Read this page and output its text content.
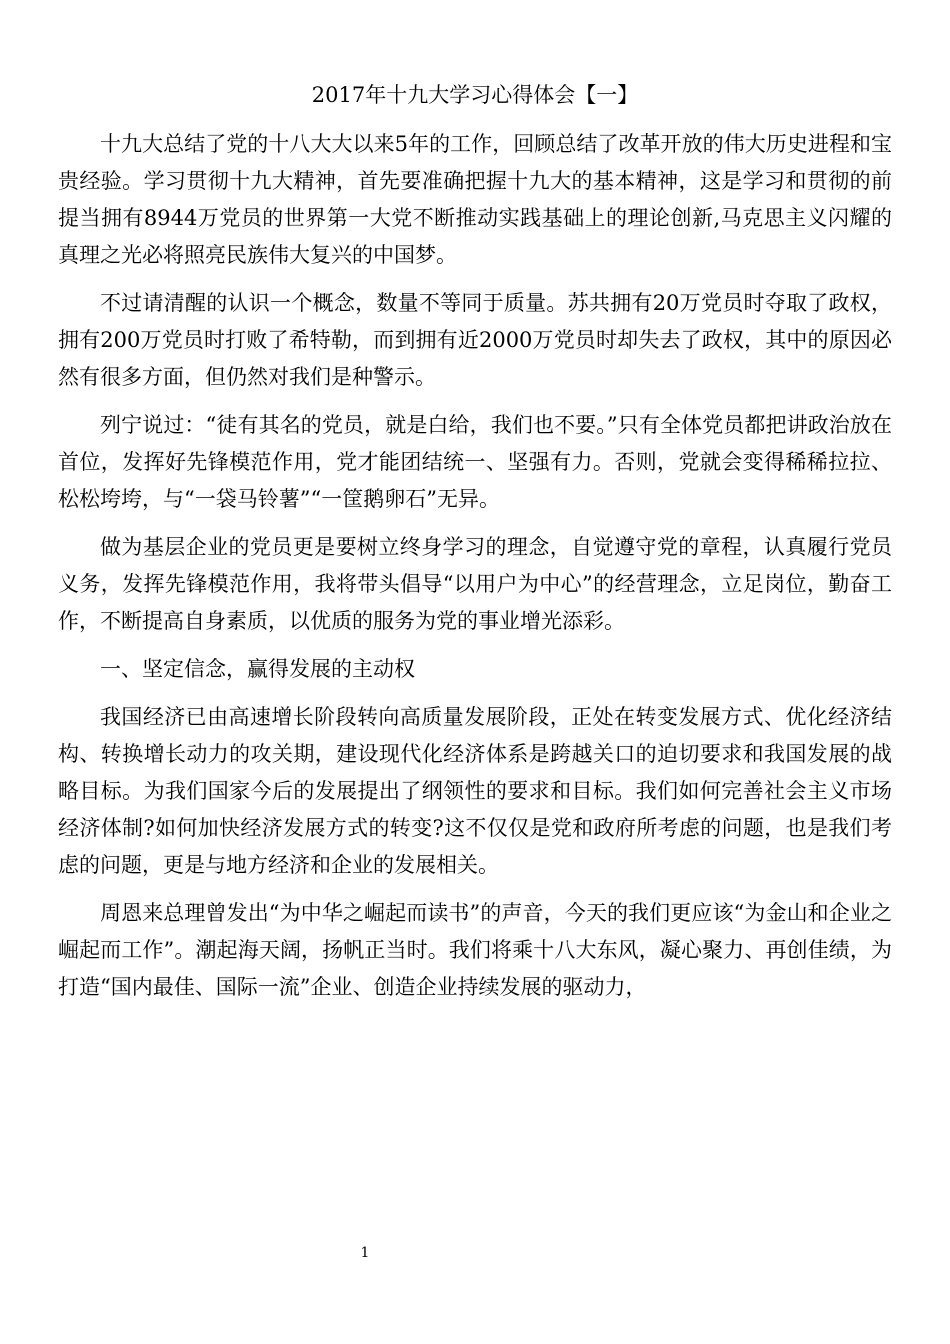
2017年十九大学习心得体会【一】

十九大总结了党的十八大大以来5年的工作，回顾总结了改革开放的伟大历史进程和宝贵经验。学习贯彻十九大精神，首先要准确把握十九大的基本精神，这是学习和贯彻的前提当拥有8944万党员的世界第一大党不断推动实践基础上的理论创新,马克思主义闪耀的真理之光必将照亮民族伟大复兴的中国梦。

不过请清醒的认识一个概念，数量不等同于质量。苏共拥有20万党员时夺取了政权，拥有200万党员时打败了希特勒，而到拥有近2000万党员时却失去了政权，其中的原因必然有很多方面，但仍然对我们是种警示。

列宁说过：“徒有其名的党员，就是白给，我们也不要。”只有全体党员都把讲政治放在首位，发挥好先锋模范作用，党才能团结统一、坚强有力。否则，党就会变得稀稀拉拉、松松垮垮，与“一袋马铃薯”“一筐鹅卵石”无异。

做为基层企业的党员更是要树立终身学习的理念，自觉遵守党的章程，认真履行党员义务，发挥先锋模范作用，我将带头倡导“以用户为中心”的经营理念，立足岗位，勤奋工作，不断提高自身素质，以优质的服务为党的事业增光添彩。

一、坚定信念，赢得发展的主动权

我国经济已由高速增长阶段转向高质量发展阶段，正处在转变发展方式、优化经济结构、转换增长动力的攻关期，建设现代化经济体系是跨越关口的迫切要求和我国发展的战略目标。为我们国家今后的发展提出了纲领性的要求和目标。我们如何完善社会主义市场经济体制?如何加快经济发展方式的转变?这不仅仅是党和政府所考虑的问题，也是我们考虑的问题，更是与地方经济和企业的发展相关。

周恩来总理曾发出“为中华之崛起而读书”的声音，今天的我们更应该“为金山和企业之崛起而工作”。潮起海天阔，扬帆正当时。我们将乘十八大东风，凝心聚力、再创佳绩，为打造“国内最佳、国际一流”企业、创造企业持续发展的驱动力，

1
